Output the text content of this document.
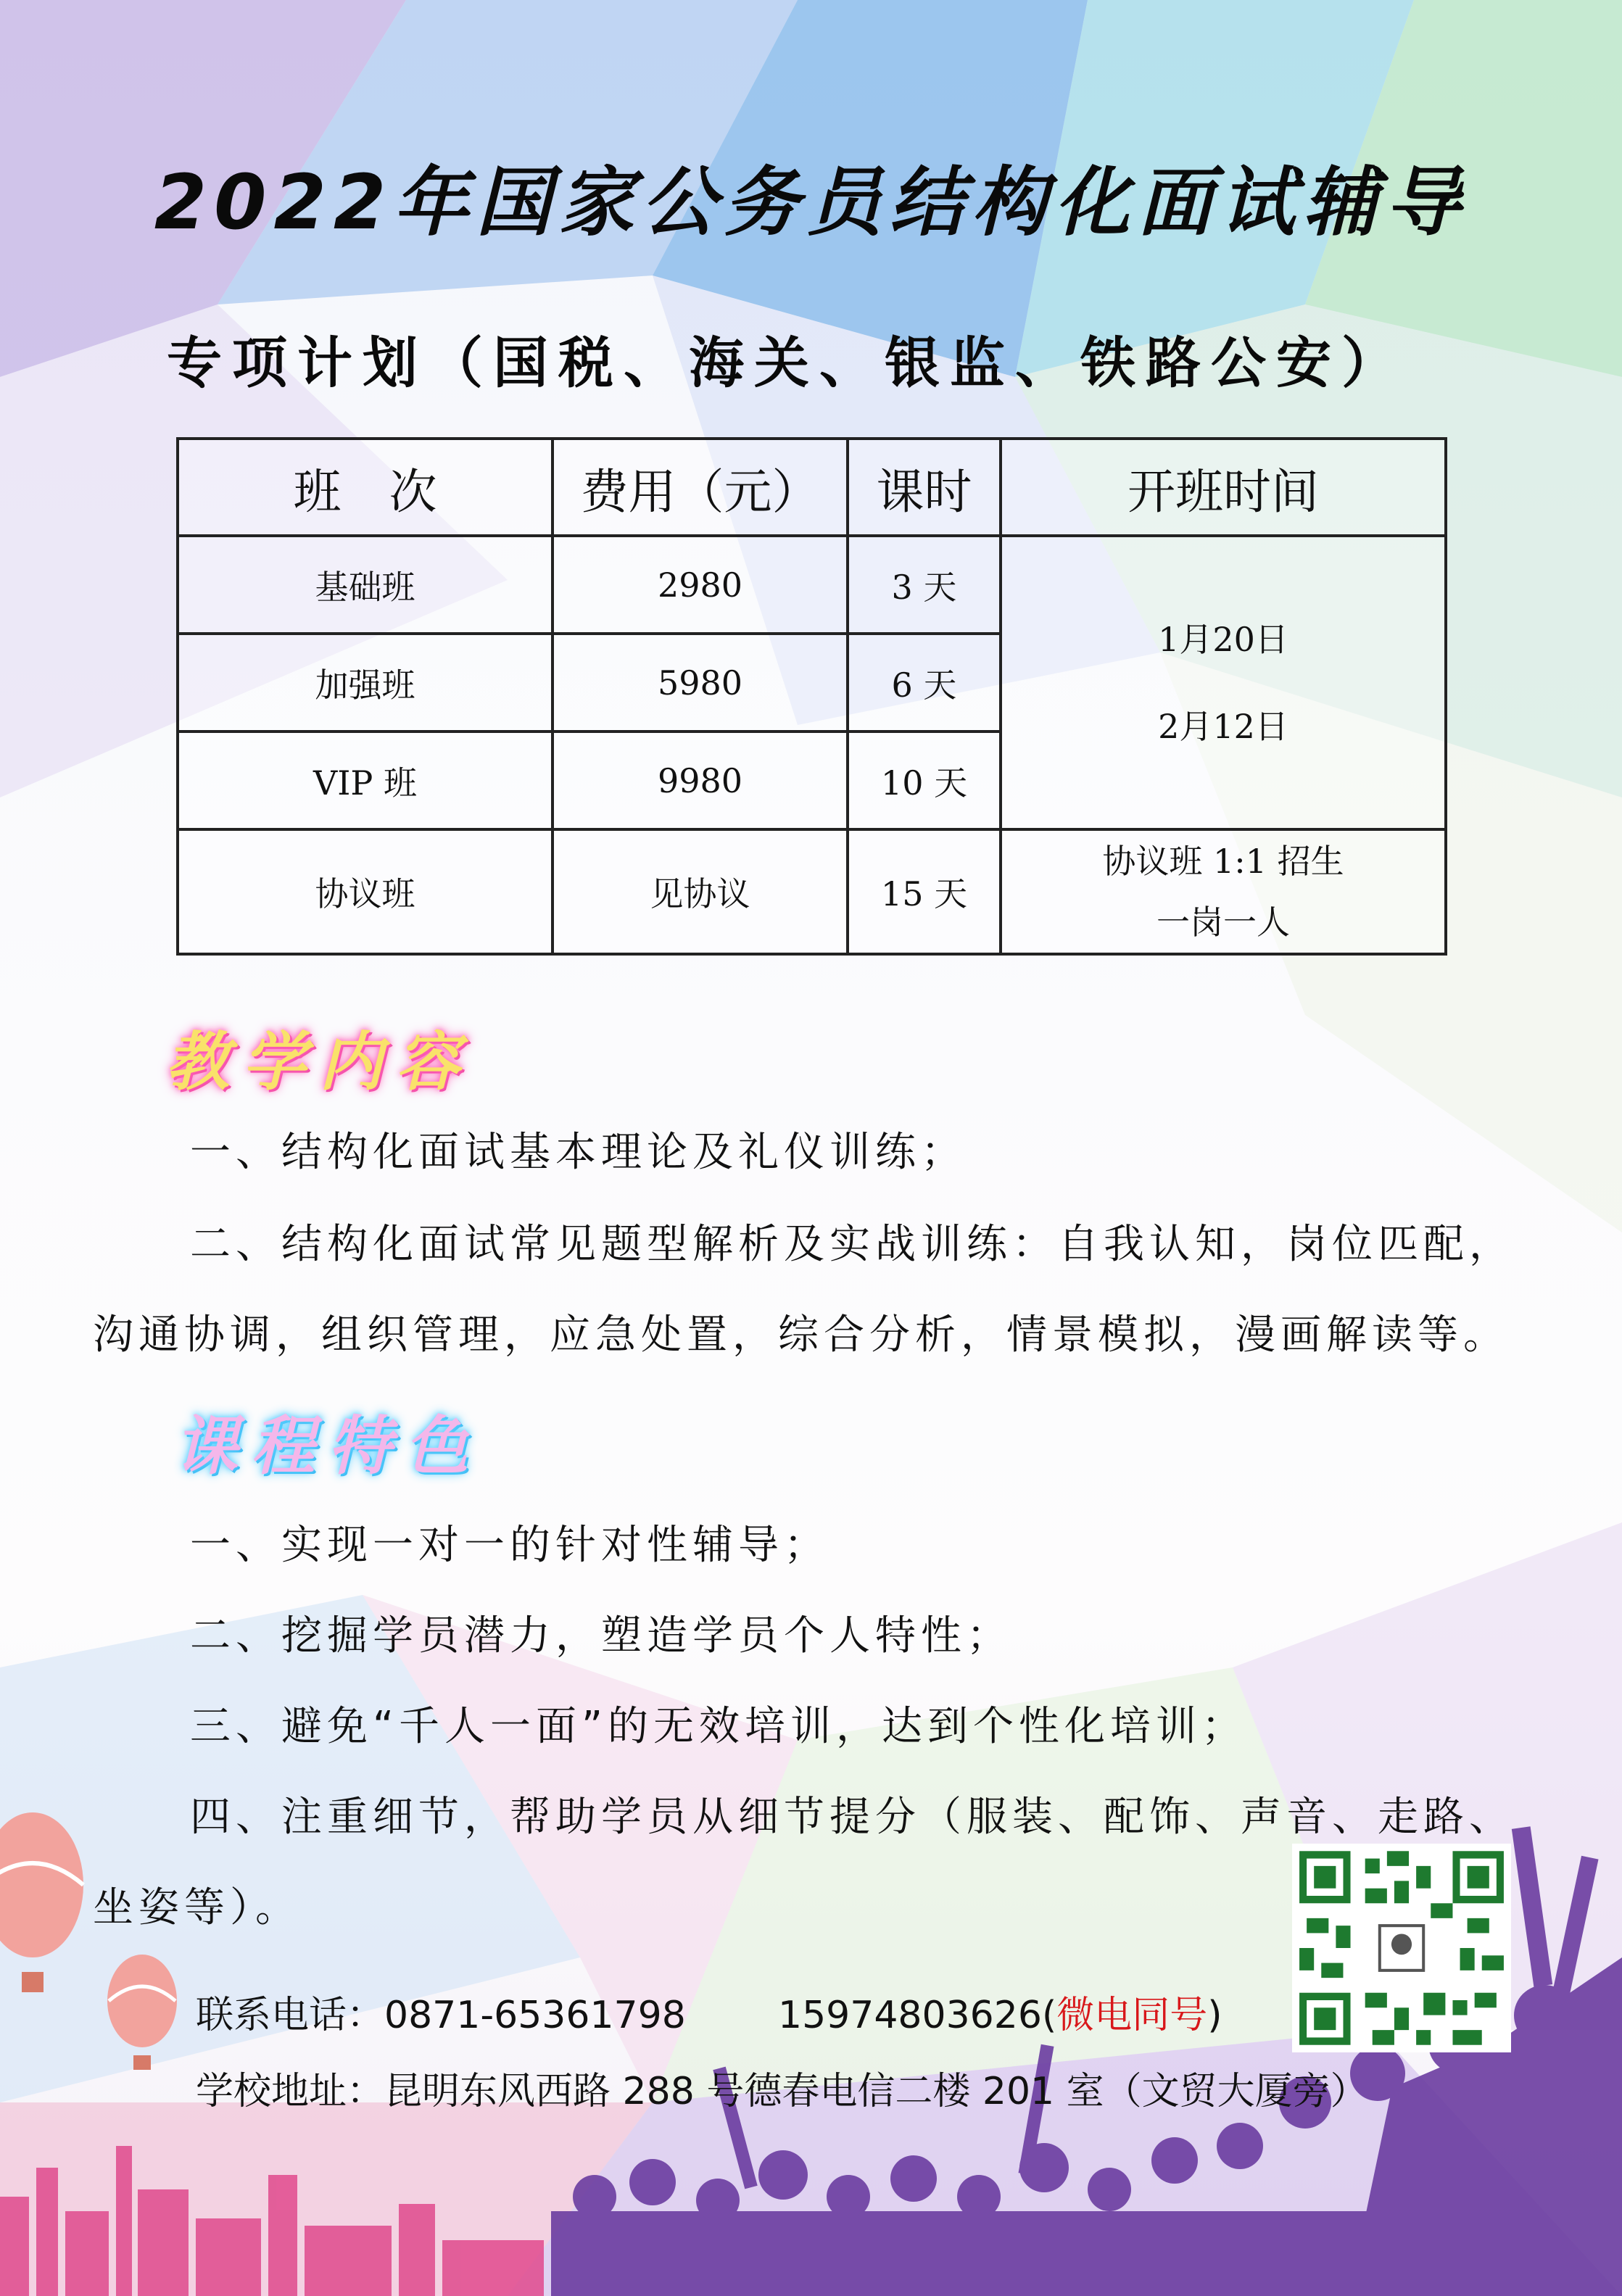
2022年国家公务员结构化面试辅导
专项计划（国税、海关、银监、铁路公安）
班　次	费用（元）	课时	开班时间
基础班	2980	3 天	1月20日
2月12日

加强班	5980	6 天	
VIP 班	9980	10 天	
协议班	见协议	15 天	协议班 1:1 招生
一岗一人
教学内容
一、结构化面试基本理论及礼仪训练；
二、结构化面试常见题型解析及实战训练：自我认知，岗位匹配，
沟通协调，组织管理，应急处置，综合分析，情景模拟，漫画解读等。
课程特色
一、实现一对一的针对性辅导；
二、挖掘学员潜力，塑造学员个人特性；
三、避免“千人一面”的无效培训，达到个性化培训；
四、注重细节，帮助学员从细节提分（服装、配饰、声音、走路、
坐姿等）。
联系电话：0871-65361798 15974803626(微电同号)
学校地址：昆明东风西路 288 号德春电信二楼 201 室（文贸大厦旁）
